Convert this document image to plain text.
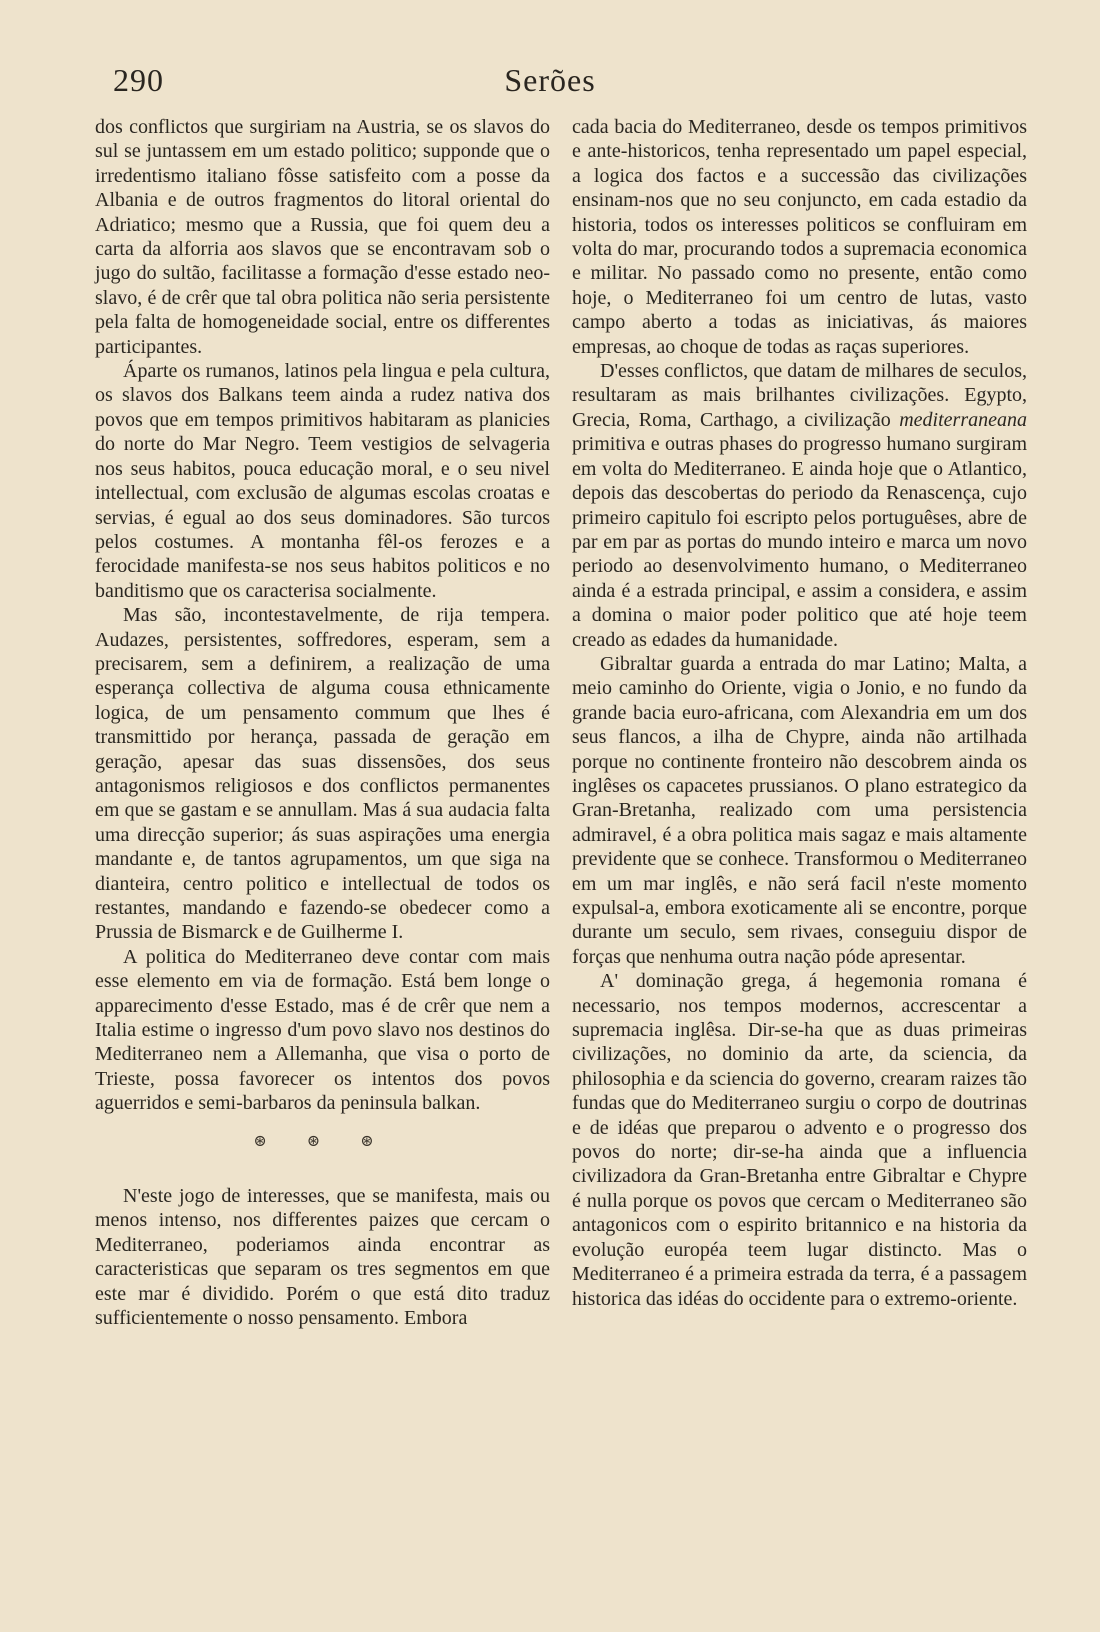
290	Serões

dos conflictos que surgiriam na Austria, se os slavos do sul se juntassem em um estado politico; supponde que o irredentismo italiano fôsse satisfeito com a posse da Albania e de outros fragmentos do litoral oriental do Adriatico; mesmo que a Russia, que foi quem deu a carta da alforria aos slavos que se encontravam sob o jugo do sultão, facilitasse a formação d'esse estado neo-slavo, é de crêr que tal obra politica não seria persistente pela falta de homogeneidade social, entre os differentes participantes.

Áparte os rumanos, latinos pela lingua e pela cultura, os slavos dos Balkans teem ainda a rudez nativa dos povos que em tempos primitivos habitaram as planicies do norte do Mar Negro. Teem vestigios de selvageria nos seus habitos, pouca educação moral, e o seu nivel intellectual, com exclusão de algumas escolas croatas e servias, é egual ao dos seus dominadores. São turcos pelos costumes. A montanha fêl-os ferozes e a ferocidade manifesta-se nos seus habitos politicos e no banditismo que os caracterisa socialmente.

Mas são, incontestavelmente, de rija tempera. Audazes, persistentes, soffredores, esperam, sem a precisarem, sem a definirem, a realização de uma esperança collectiva de alguma cousa ethnicamente logica, de um pensamento commum que lhes é transmittido por herança, passada de geração em geração, apesar das suas dissensões, dos seus antagonismos religiosos e dos conflictos permanentes em que se gastam e se annullam. Mas á sua audacia falta uma direcção superior; ás suas aspirações uma energia mandante e, de tantos agrupamentos, um que siga na dianteira, centro politico e intellectual de todos os restantes, mandando e fazendo-se obedecer como a Prussia de Bismarck e de Guilherme I.

A politica do Mediterraneo deve contar com mais esse elemento em via de formação. Está bem longe o apparecimento d'esse Estado, mas é de crêr que nem a Italia estime o ingresso d'um povo slavo nos destinos do Mediterraneo nem a Allemanha, que visa o porto de Trieste, possa favorecer os intentos dos povos aguerridos e semi-barbaros da peninsula balkan.

⊛ ⊛ ⊛

N'este jogo de interesses, que se manifesta, mais ou menos intenso, nos differentes paizes que cercam o Mediterraneo, poderiamos ainda encontrar as caracteristicas que separam os tres segmentos em que este mar é dividido. Porém o que está dito traduz sufficientemente o nosso pensamento. Embora

cada bacia do Mediterraneo, desde os tempos primitivos e ante-historicos, tenha representado um papel especial, a logica dos factos e a successão das civilizações ensinam-nos que no seu conjuncto, em cada estadio da historia, todos os interesses politicos se confluiram em volta do mar, procurando todos a supremacia economica e militar. No passado como no presente, então como hoje, o Mediterraneo foi um centro de lutas, vasto campo aberto a todas as iniciativas, ás maiores empresas, ao choque de todas as raças superiores.

D'esses conflictos, que datam de milhares de seculos, resultaram as mais brilhantes civilizações. Egypto, Grecia, Roma, Carthago, a civilização mediterraneana primitiva e outras phases do progresso humano surgiram em volta do Mediterraneo. E ainda hoje que o Atlantico, depois das descobertas do periodo da Renascença, cujo primeiro capitulo foi escripto pelos portuguêses, abre de par em par as portas do mundo inteiro e marca um novo periodo ao desenvolvimento humano, o Mediterraneo ainda é a estrada principal, e assim a considera, e assim a domina o maior poder politico que até hoje teem creado as edades da humanidade.

Gibraltar guarda a entrada do mar Latino; Malta, a meio caminho do Oriente, vigia o Jonio, e no fundo da grande bacia euro-africana, com Alexandria em um dos seus flancos, a ilha de Chypre, ainda não artilhada porque no continente fronteiro não descobrem ainda os inglêses os capacetes prussianos. O plano estrategico da Gran-Bretanha, realizado com uma persistencia admiravel, é a obra politica mais sagaz e mais altamente previdente que se conhece. Transformou o Mediterraneo em um mar inglês, e não será facil n'este momento expulsal-a, embora exoticamente ali se encontre, porque durante um seculo, sem rivaes, conseguiu dispor de forças que nenhuma outra nação póde apresentar.

A' dominação grega, á hegemonia romana é necessario, nos tempos modernos, accrescentar a supremacia inglêsa. Dir-se-ha que as duas primeiras civilizações, no dominio da arte, da sciencia, da philosophia e da sciencia do governo, crearam raizes tão fundas que do Mediterraneo surgiu o corpo de doutrinas e de idéas que preparou o advento e o progresso dos povos do norte; dir-se-ha ainda que a influencia civilizadora da Gran-Bretanha entre Gibraltar e Chypre é nulla porque os povos que cercam o Mediterraneo são antagonicos com o espirito britannico e na historia da evolução européa teem lugar distincto. Mas o Mediterraneo é a primeira estrada da terra, é a passagem historica das idéas do occidente para o extremo-oriente.
